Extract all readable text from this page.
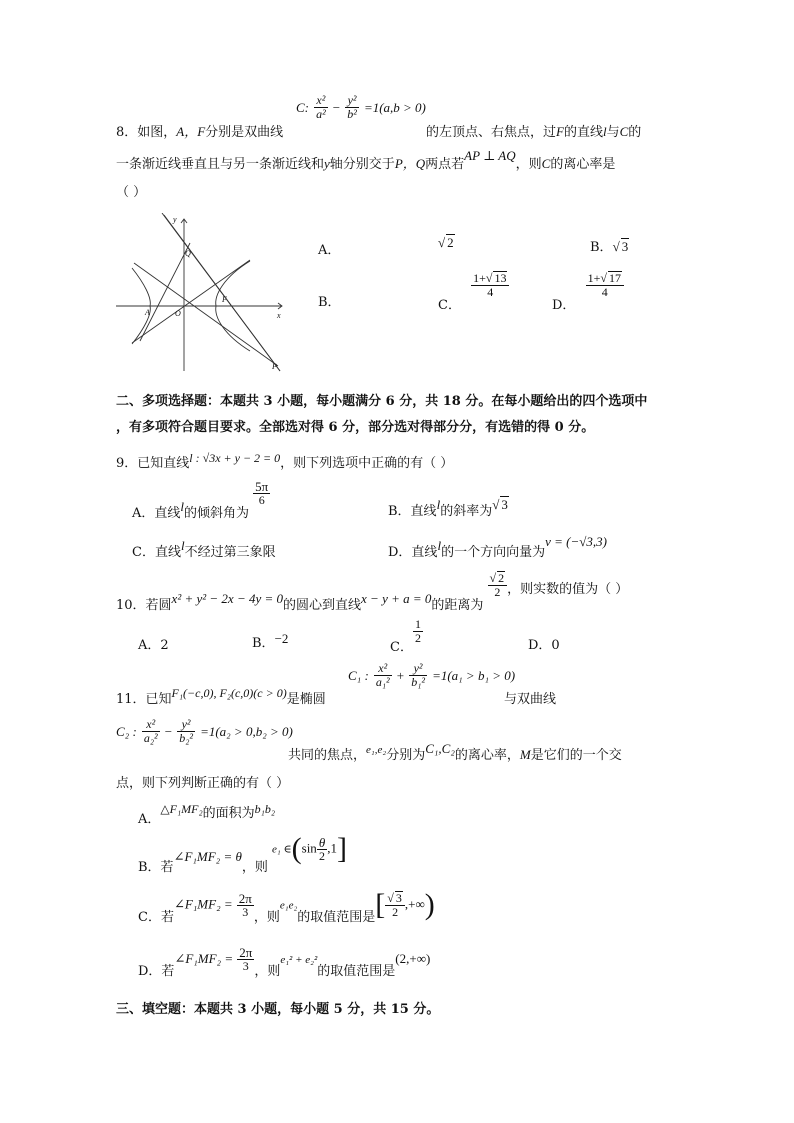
C: $\frac{\text{x²}}{\text{a²}} - \frac{\text{y²}}{\text{b²}} =1(a,b > 0)$
8．如图，A，F分别是双曲线	的左顶点、右焦点，过F的直线l与C的
一条渐近线垂直且与另一条渐近线和y轴分别交于P，Q两点若AP ⊥ AQ，则C的离心率是
（ ）
y
Q
F
A	O	x
P
A．
√ 2	B．√ 3
B．	C．
$\frac{1+√ 13}{4}$
D．
$\frac{1+√ 17}{4}$
二、多项选择题：本题共 3 小题，每小题满分 6 分，共 18 分。在每小题给出的四个选项中
，有多项符合题目要求。全部选对得 6 分，部分选对得部分分，有选错的得 0 分。
9．已知直线l : √3x + y − 2 = 0，则下列选项中正确的有（ ）
A．直线l的倾斜角为
$\frac{5\pi}{6}$
B．直线l的斜率为√ 3
C．直线l不经过第三象限	D．直线l的一个方向向量为v = (−√3,3)
10．若圆x² + y² − 2x − 4y = 0的圆心到直线x − y + a = 0的距离为
$\frac{√ 2}{2}$ ，则实数的值为（ ）
A．2	B．−2
C．
$\frac{1}{2}$
D．0
11．已知F₁(−c,0), F₂(c,0)(c > 0)是椭圆
C₁ : $\frac{\text{x²}}{\text{a₁²}} + \frac{\text{y²}}{\text{b₁²}} =1(a_1 > b_1 > 0)$
与双曲线
C₂ : $\frac{\text{x²}}{\text{a₂²}} - \frac{\text{y²}}{\text{b₂²}} =1(a_2 > 0,b_2 > 0)$
共同的焦点，$^{e_1,e_2}$分别为C₁,C₂的离心率，M是它们的一个交
点，则下列判断正确的有（ ）
A．△F₁MF₂的面积为b₁b₂
B．若∠F₁MF₂ = θ，则 e₁ ∈(sin $\frac{\theta}{2} ,1$]
C．若∠F₁MF₂ = $\frac{2\pi}{3}$ ，则e₁e₂的取值范围是[ $\frac{√ 3}{2}$ ,+∞)
D．若∠F₁MF₂ = $\frac{2\pi}{3}$ ，则e₁² + e₂²的取值范围是(2,+∞)
三、填空题：本题共 3 小题，每小题 5 分，共 15 分。
